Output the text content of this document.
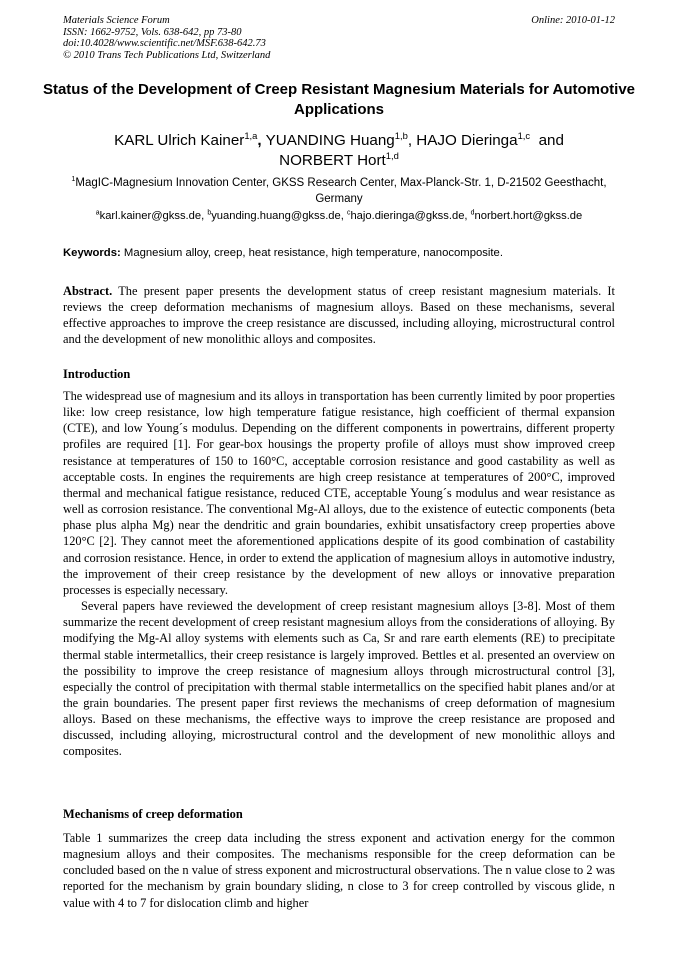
Materials Science Forum
ISSN: 1662-9752, Vols. 638-642, pp 73-80
doi:10.4028/www.scientific.net/MSF.638-642.73
© 2010 Trans Tech Publications Ltd, Switzerland
Online: 2010-01-12
Status of the Development of Creep Resistant Magnesium Materials for Automotive Applications
KARL Ulrich Kainer$^{1,a}$, YUANDING Huang$^{1,b}$, HAJO Dieringa$^{1,c}$ and
NORBERT Hort$^{1,d}$
$^1$MagIC-Magnesium Innovation Center, GKSS Research Center, Max-Planck-Str. 1, D-21502 Geesthacht, Germany
$^a$karl.kainer@gkss.de, $^b$yuanding.huang@gkss.de, $^c$hajo.dieringa@gkss.de, $^d$norbert.hort@gkss.de
Keywords: Magnesium alloy, creep, heat resistance, high temperature, nanocomposite.

Abstract. The present paper presents the development status of creep resistant magnesium materials. It reviews the creep deformation mechanisms of magnesium alloys. Based on these mechanisms, several effective approaches to improve the creep resistance are discussed, including alloying, microstructural control and the development of new monolithic alloys and composites.

Introduction

The widespread use of magnesium and its alloys in transportation has been currently limited by poor properties like: low creep resistance, low high temperature fatigue resistance, high coefficient of thermal expansion (CTE), and low Young´s modulus. Depending on the different components in powertrains, different property profiles are required [1]. For gear-box housings the property profile of alloys must show improved creep resistance at temperatures of 150 to 160°C, acceptable corrosion resistance and good castability as well as acceptable costs. In engines the requirements are high creep resistance at temperatures of 200°C, improved thermal and mechanical fatigue resistance, reduced CTE, acceptable Young´s modulus and wear resistance as well as corrosion resistance. The conventional Mg-Al alloys, due to the existence of eutectic components (beta phase plus alpha Mg) near the dendritic and grain boundaries, exhibit unsatisfactory creep properties above 120°C [2]. They cannot meet the aforementioned applications despite of its good combination of castability and corrosion resistance. Hence, in order to extend the application of magnesium alloys in automotive industry, the improvement of their creep resistance by the development of new alloys or innovative preparation processes is especially necessary.

Several papers have reviewed the development of creep resistant magnesium alloys [3-8]. Most of them summarize the recent development of creep resistant magnesium alloys from the considerations of alloying. By modifying the Mg-Al alloy systems with elements such as Ca, Sr and rare earth elements (RE) to precipitate thermal stable intermetallics, their creep resistance is largely improved. Bettles et al. presented an overview on the possibility to improve the creep resistance of magnesium alloys through microstructural control [3], especially the control of precipitation with thermal stable intermetallics on the specified habit planes and/or at the grain boundaries. The present paper first reviews the mechanisms of creep deformation of magnesium alloys. Based on these mechanisms, the effective ways to improve the creep resistance are proposed and discussed, including alloying, microstructural control and the development of new monolithic alloys and composites.

Mechanisms of creep deformation

Table 1 summarizes the creep data including the stress exponent and activation energy for the common magnesium alloys and their composites. The mechanisms responsible for the creep deformation can be concluded based on the n value of stress exponent and microstructural observations. The n value close to 2 was reported for the mechanism by grain boundary sliding, n close to 3 for creep controlled by viscous glide, n value with 4 to 7 for dislocation climb and higher
